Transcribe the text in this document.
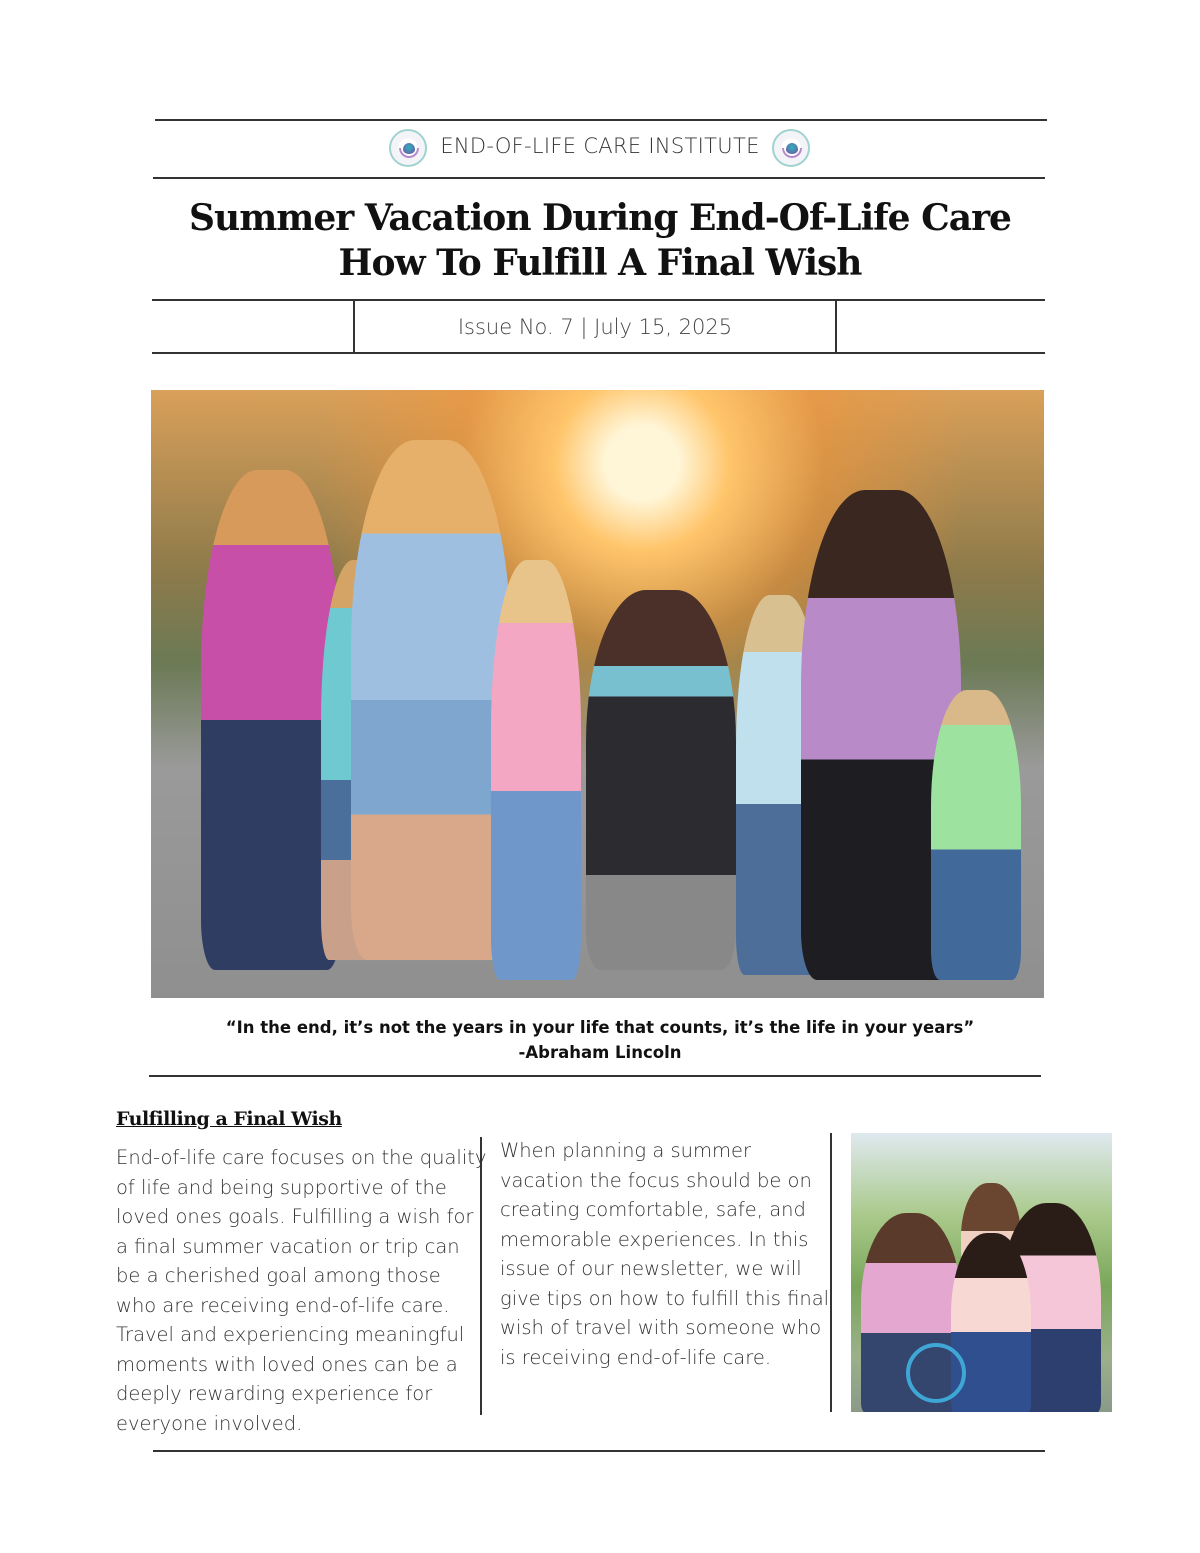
END-OF-LIFE CARE INSTITUTE
Summer Vacation During End-Of-Life Care
How To Fulfill A Final Wish
Issue No. 7 | July 15, 2025
“In the end, it’s not the years in your life that counts, it’s the life in your years”
-Abraham Lincoln
Fulfilling a Final Wish
End-of-life care focuses on the quality
of life and being supportive of the
loved ones goals. Fulfilling a wish for
a final summer vacation or trip can
be a cherished goal among those
who are receiving end-of-life care.
Travel and experiencing meaningful
moments with loved ones can be a
deeply rewarding experience for
everyone involved.
When planning a summer
vacation the focus should be on
creating comfortable, safe, and
memorable experiences. In this
issue of our newsletter, we will
give tips on how to fulfill this final
wish of travel with someone who
is receiving end-of-life care.
